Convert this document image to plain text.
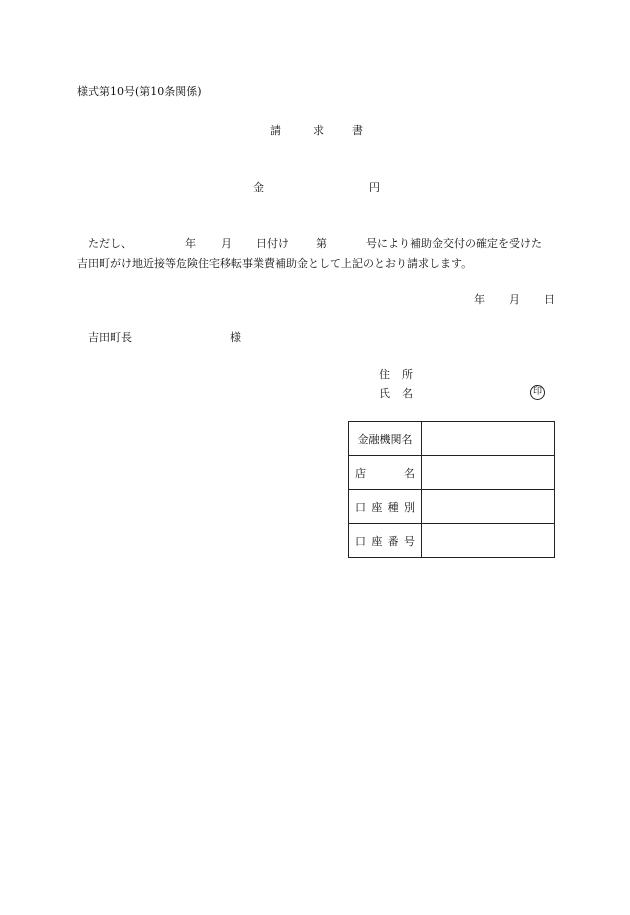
様式第10号(第10条関係)
請	求	書
金	円
ただし、	年 月 日付け 第	号により補助金交付の確定を受けた
吉田町がけ地近接等危険住宅移転事業費補助金として上記のとおり請求します。
年 月 日
吉田町長	様
住 所
氏 名	印
金融機関名	

店 名	

口 座 種 別	

口 座 番 号	
